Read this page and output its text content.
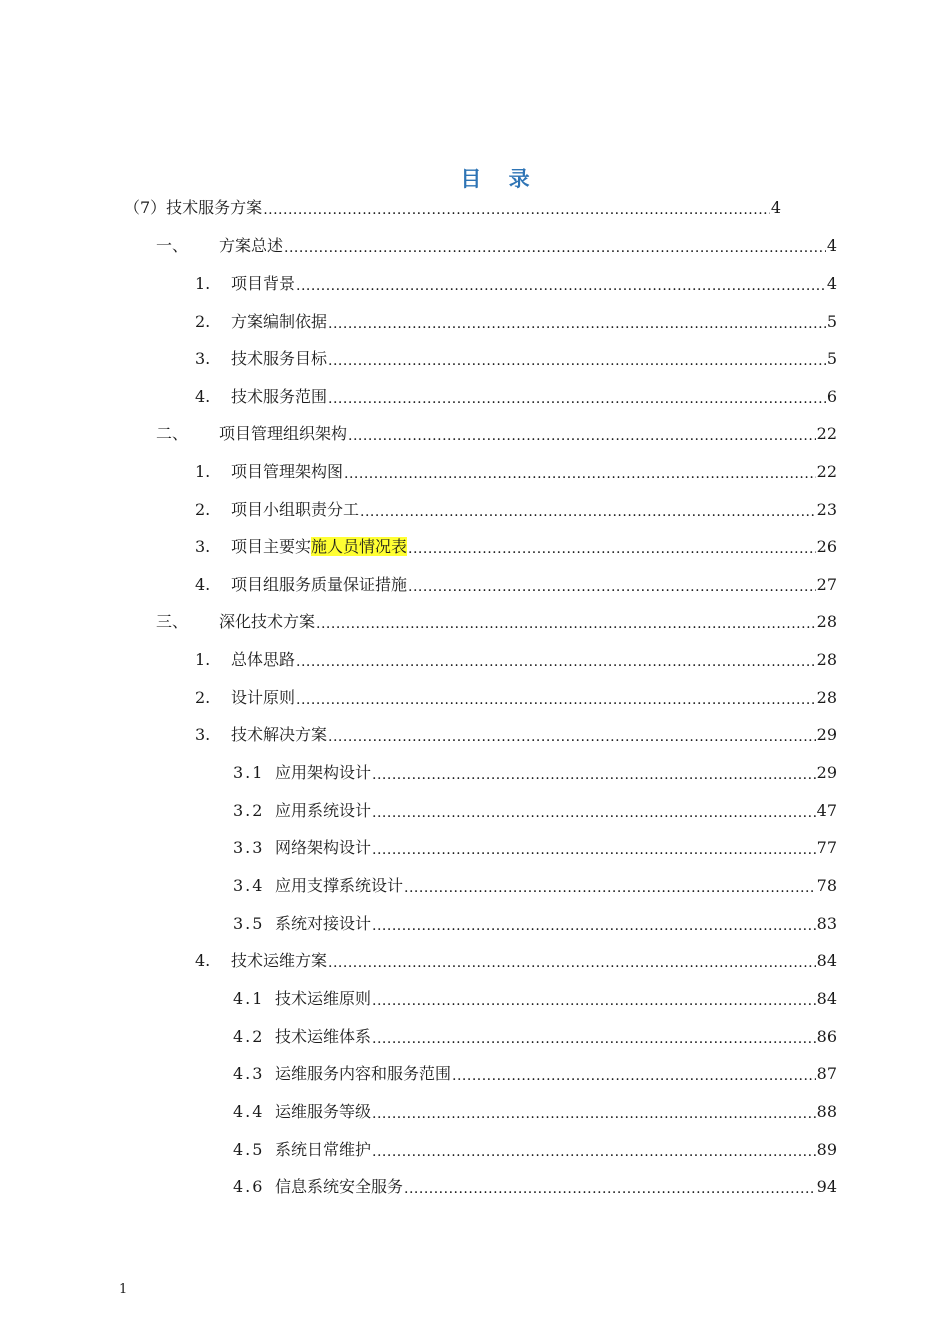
目 录
（7）技术服务方案 .....	4
一、	方案总述 .....	4
1.	项目背景 .....	4
2.	方案编制依据 .....	5
3.	技术服务目标 .....	5
4.	技术服务范围 .....	6
二、	项目管理组织架构 .....	22
1.	项目管理架构图 .....	22
2.	项目小组职责分工 .....	23
3.	项目主要实施人员情况表 .....	26
4.	项目组服务质量保证措施 .....	27
三、	深化技术方案 .....	28
1.	总体思路 .....	28
2.	设计原则 .....	28
3.	技术解决方案 .....	29
3.1 应用架构设计 .....	29
3.2 应用系统设计 .....	47
3.3 网络架构设计 .....	77
3.4 应用支撑系统设计 .....	78
3.5 系统对接设计 .....	83
4.	技术运维方案 .....	84
4.1 技术运维原则 .....	84
4.2 技术运维体系 .....	86
4.3 运维服务内容和服务范围 .....	87
4.4 运维服务等级 .....	88
4.5 系统日常维护 .....	89
4.6 信息系统安全服务 .....	94
1
